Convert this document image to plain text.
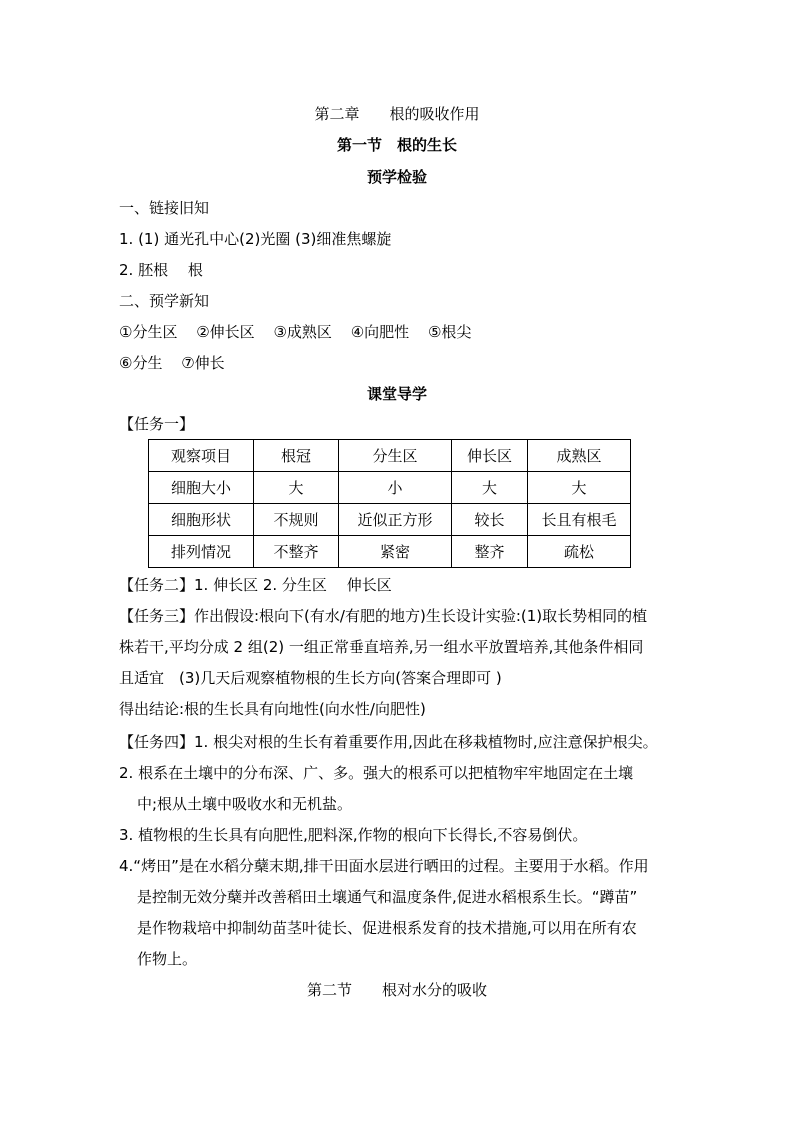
第二章　　根的吸收作用
第一节　根的生长
预学检验
一、链接旧知
1. (1) 通光孔中心(2)光圈 (3)细准焦螺旋
2. 胚根　 根
二、预学新知
①分生区 ②伸长区 ③成熟区 ④向肥性 ⑤根尖
⑥分生 ⑦伸长
课堂导学
【任务一】
观察项目	根冠	分生区	伸长区	成熟区
细胞大小	大	小	大	大
细胞形状	不规则	近似正方形	较长	长且有根毛
排列情况	不整齐	紧密	整齐	疏松
【任务二】1. 伸长区 2. 分生区　 伸长区
【任务三】作出假设:根向下(有水/有肥的地方)生长设计实验:(1)取长势相同的植
株若干,平均分成 2 组(2) 一组正常垂直培养,另一组水平放置培养,其他条件相同
且适宜　(3)几天后观察植物根的生长方向(答案合理即可 )
得出结论:根的生长具有向地性(向水性/向肥性)
【任务四】1. 根尖对根的生长有着重要作用,因此在移栽植物时,应注意保护根尖。
2. 根系在土壤中的分布深、广、多。强大的根系可以把植物牢牢地固定在土壤
中;根从土壤中吸收水和无机盐。
3. 植物根的生长具有向肥性,肥料深,作物的根向下长得长,不容易倒伏。
4.“烤田”是在水稻分蘖末期,排干田面水层进行晒田的过程。主要用于水稻。作用
是控制无效分蘖并改善稻田土壤通气和温度条件,促进水稻根系生长。“蹲苗”
是作物栽培中抑制幼苗茎叶徒长、促进根系发育的技术措施,可以用在所有农
作物上。
第二节　　根对水分的吸收
